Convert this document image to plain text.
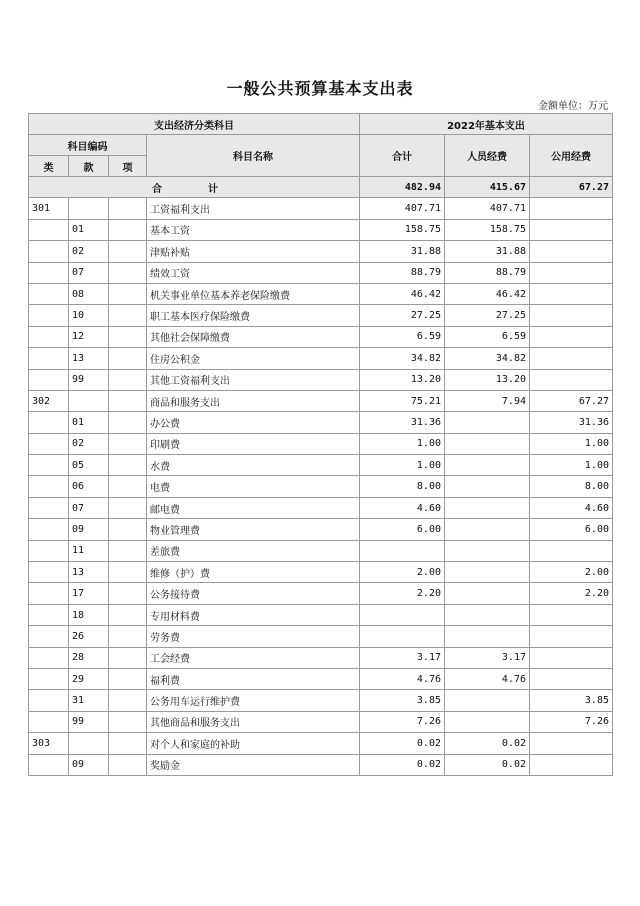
一般公共预算基本支出表
金额单位：万元
支出经济分类科目				2022年基本支出		
科目编码			科目名称	合计	人员经费	公用经费
类	款	项				
合　计				482.94	415.67	67.27
301			工资福利支出	407.71	407.71	
	01		基本工资	158.75	158.75	
	02		津贴补贴	31.88	31.88	
	07		绩效工资	88.79	88.79	
	08		机关事业单位基本养老保险缴费	46.42	46.42	
	10		职工基本医疗保险缴费	27.25	27.25	
	12		其他社会保障缴费	6.59	6.59	
	13		住房公积金	34.82	34.82	
	99		其他工资福利支出	13.20	13.20	
302			商品和服务支出	75.21	7.94	67.27
	01		办公费	31.36		31.36
	02		印刷费	1.00		1.00
	05		水费	1.00		1.00
	06		电费	8.00		8.00
	07		邮电费	4.60		4.60
	09		物业管理费	6.00		6.00
	11		差旅费			
	13		维修（护）费	2.00		2.00
	17		公务接待费	2.20		2.20
	18		专用材料费			
	26		劳务费			
	28		工会经费	3.17	3.17	
	29		福利费	4.76	4.76	
	31		公务用车运行维护费	3.85		3.85
	99		其他商品和服务支出	7.26		7.26
303			对个人和家庭的补助	0.02	0.02	
	09		奖励金	0.02	0.02	
